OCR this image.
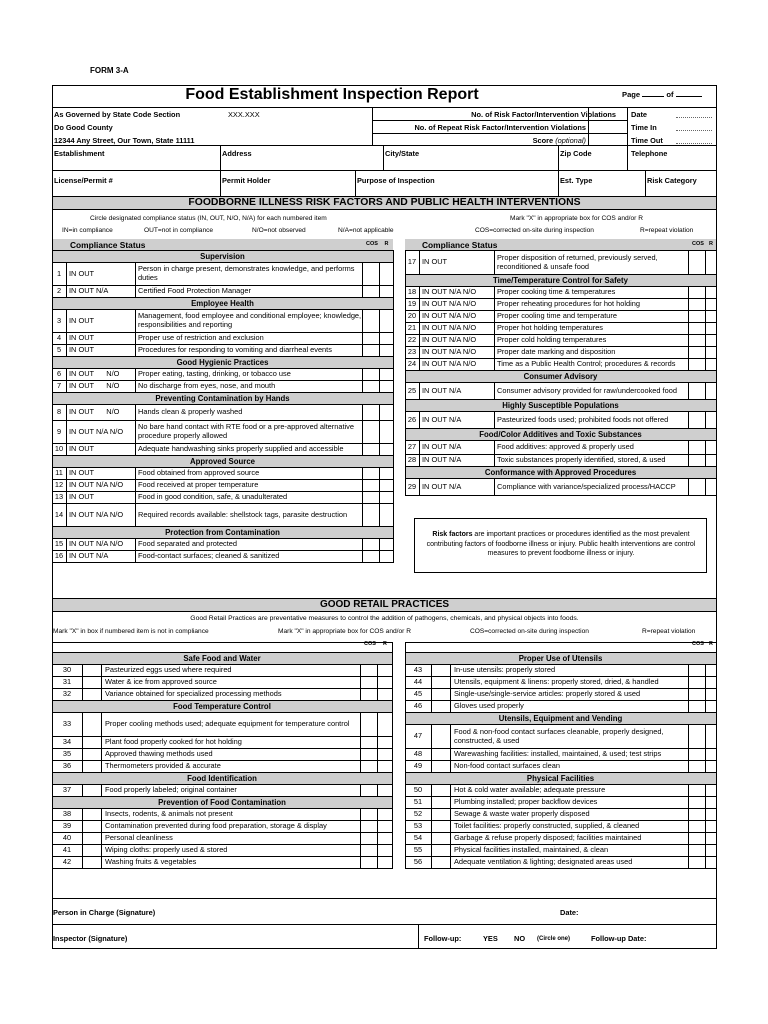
FORM 3-A
Food Establishment Inspection Report	Page	of
As Governed by State Code Section	XXX.XXX
Do Good County
12344 Any Street, Our Town, State 11111
No. of Risk Factor/Intervention Violations
No. of Repeat Risk Factor/Intervention Violations
Score (optional)
Date
Time In
Time Out
Establishment	Address	City/State	Zip Code	Telephone
License/Permit #	Permit Holder	Purpose of Inspection	Est. Type	Risk Category
FOODBORNE ILLNESS RISK FACTORS AND PUBLIC HEALTH INTERVENTIONS
Circle designated compliance status (IN, OUT, N/O, N/A) for each numbered item	Mark "X" in appropriate box for COS and/or R
IN=in compliance	OUT=not in compliance	N/O=not observed	N/A=not applicable	COS=corrected on-site during inspection	R=repeat violation
Compliance Status	COS	R	Compliance Status	COS R
Supervision
1	IN OUT	Person in charge present, demonstrates knowledge, and performs duties
2	IN OUT N/A	Certified Food Protection Manager
Employee Health
3	IN OUT	Management, food employee and conditional employee; knowledge, responsibilities and reporting
4	IN OUT	Proper use of restriction and exclusion
5	IN OUT	Procedures for responding to vomiting and diarrheal events
Good Hygienic Practices
6	IN OUT      N/O	Proper eating, tasting, drinking, or tobacco use
7	IN OUT      N/O	No discharge from eyes, nose, and mouth
Preventing Contamination by Hands
8	IN OUT      N/O	Hands clean & properly washed
9	IN OUT N/A N/O	No bare hand contact with RTE food or a pre-approved alternative procedure properly allowed
10 IN OUT	Adequate handwashing sinks properly supplied and accessible
Approved Source
11 IN OUT	Food obtained from approved source
12 IN OUT N/A N/O	Food received at proper temperature
13 IN OUT	Food in good condition, safe, & unadulterated
14 IN OUT N/A N/O	Required records available: shellstock tags, parasite destruction
Protection from Contamination
15 IN OUT N/A N/O	Food separated and protected
16 IN OUT N/A	Food-contact surfaces; cleaned & sanitized
17 IN OUT	Proper disposition of returned, previously served, reconditioned & unsafe food
Time/Temperature Control for Safety
18 IN OUT N/A N/O	Proper cooking time & temperatures
19 IN OUT N/A N/O	Proper reheating procedures for hot holding
20 IN OUT N/A N/O	Proper cooling time and temperature
21 IN OUT N/A N/O	Proper hot holding temperatures
22 IN OUT N/A N/O	Proper cold holding temperatures
23 IN OUT N/A N/O	Proper date marking and disposition
24 IN OUT N/A N/O	Time as a Public Health Control; procedures & records
Consumer Advisory
25 IN OUT N/A	Consumer advisory provided for raw/undercooked food
Highly Susceptible Populations
26 IN OUT N/A	Pasteurized foods used; prohibited foods not offered
Food/Color Additives and Toxic Substances
27 IN OUT N/A	Food additives: approved & properly used
28 IN OUT N/A	Toxic substances properly identified, stored, & used
Conformance with Approved Procedures
29 IN OUT N/A	Compliance with variance/specialized process/HACCP
Risk factors are important practices or procedures identified as the most prevalent contributing factors of foodborne illness or injury. Public health interventions are control measures to prevent foodborne illness or injury.
GOOD RETAIL PRACTICES
Good Retail Practices are preventative measures to control the addition of pathogens, chemicals, and physical objects into foods.
Mark "X" in box if numbered item is not in compliance	Mark "X" in appropriate box for COS and/or R	COS=corrected on-site during inspection	R=repeat violation
COS	R	COS R
Safe Food and Water
30	Pasteurized eggs used where required
31	Water & ice from approved source
32	Variance obtained for specialized processing methods
Food Temperature Control
33	Proper cooling methods used; adequate equipment for temperature control
34	Plant food properly cooked for hot holding
35	Approved thawing methods used
36	Thermometers provided & accurate
Food Identification
37	Food properly labeled; original container
Prevention of Food Contamination
38	Insects, rodents, & animals not present
39	Contamination prevented during food preparation, storage & display
40	Personal cleanliness
41	Wiping cloths: properly used & stored
42	Washing fruits & vegetables
Proper Use of Utensils
43	In-use utensils: properly stored
44	Utensils, equipment & linens: properly stored, dried, & handled
45	Single-use/single-service articles: properly stored & used
46	Gloves used properly
Utensils, Equipment and Vending
47	Food & non-food contact surfaces cleanable, properly designed, constructed, & used
48	Warewashing facilities: installed, maintained, & used; test strips
49	Non-food contact surfaces clean
Physical Facilities
50	Hot & cold water available; adequate pressure
51	Plumbing installed; proper backflow devices
52	Sewage & waste water properly disposed
53	Toilet facilities: properly constructed, supplied, & cleaned
54	Garbage & refuse properly disposed; facilities maintained
55	Physical facilities installed, maintained, & clean
56	Adequate ventilation & lighting; designated areas used
Person in Charge (Signature)	Date:
Inspector (Signature)	Follow-up:	YES NO (Circle one)	Follow-up Date:
